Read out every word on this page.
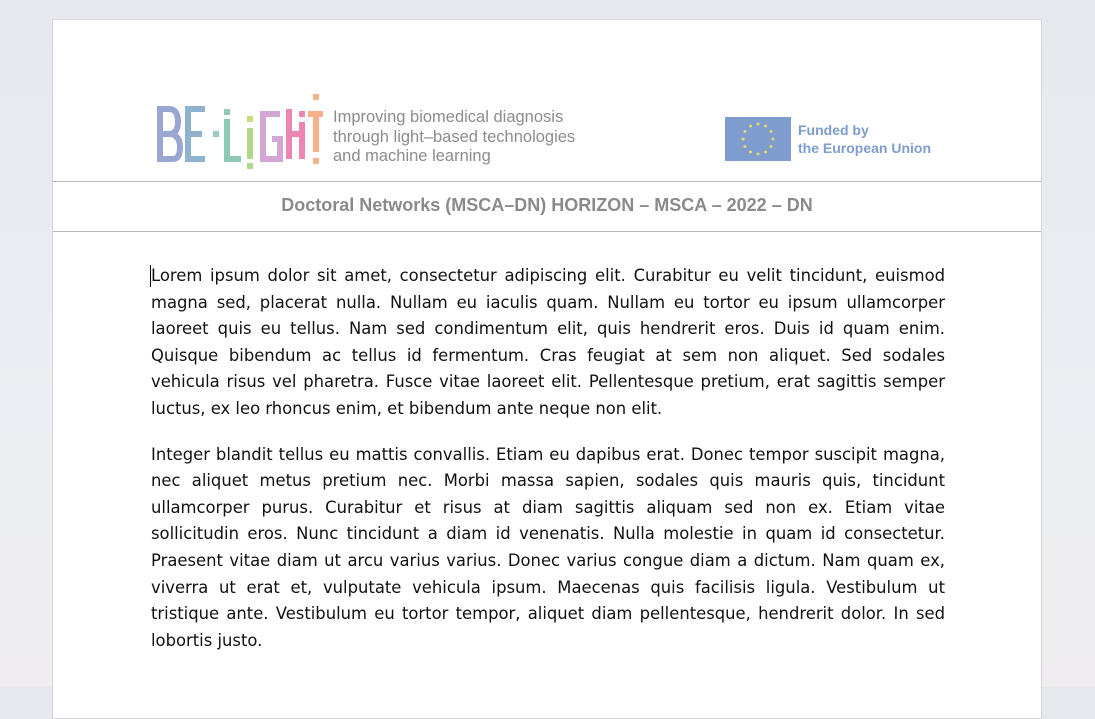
Improving biomedical diagnosis
through light–based technologies
and machine learning
Funded by
the European Union
Doctoral Networks (MSCA–DN) HORIZON – MSCA – 2022 – DN

Lorem ipsum dolor sit amet, consectetur adipiscing elit. Curabitur eu velit tincidunt, euismod magna sed, placerat nulla. Nullam eu iaculis quam. Nullam eu tortor eu ipsum ullamcorper laoreet quis eu tellus. Nam sed condimentum elit, quis hendrerit eros. Duis id quam enim. Quisque bibendum ac tellus id fermentum. Cras feugiat at sem non aliquet. Sed sodales vehicula risus vel pharetra. Fusce vitae laoreet elit. Pellentesque pretium, erat sagittis semper luctus, ex leo rhoncus enim, et bibendum ante neque non elit.

Integer blandit tellus eu mattis convallis. Etiam eu dapibus erat. Donec tempor suscipit magna, nec aliquet metus pretium nec. Morbi massa sapien, sodales quis mauris quis, tincidunt ullamcorper purus. Curabitur et risus at diam sagittis aliquam sed non ex. Etiam vitae sollicitudin eros. Nunc tincidunt a diam id venenatis. Nulla molestie in quam id consectetur. Praesent vitae diam ut arcu varius varius. Donec varius congue diam a dictum. Nam quam ex, viverra ut erat et, vulputate vehicula ipsum. Maecenas quis facilisis ligula. Vestibulum ut tristique ante. Vestibulum eu tortor tempor, aliquet diam pellentesque, hendrerit dolor. In sed lobortis justo.
